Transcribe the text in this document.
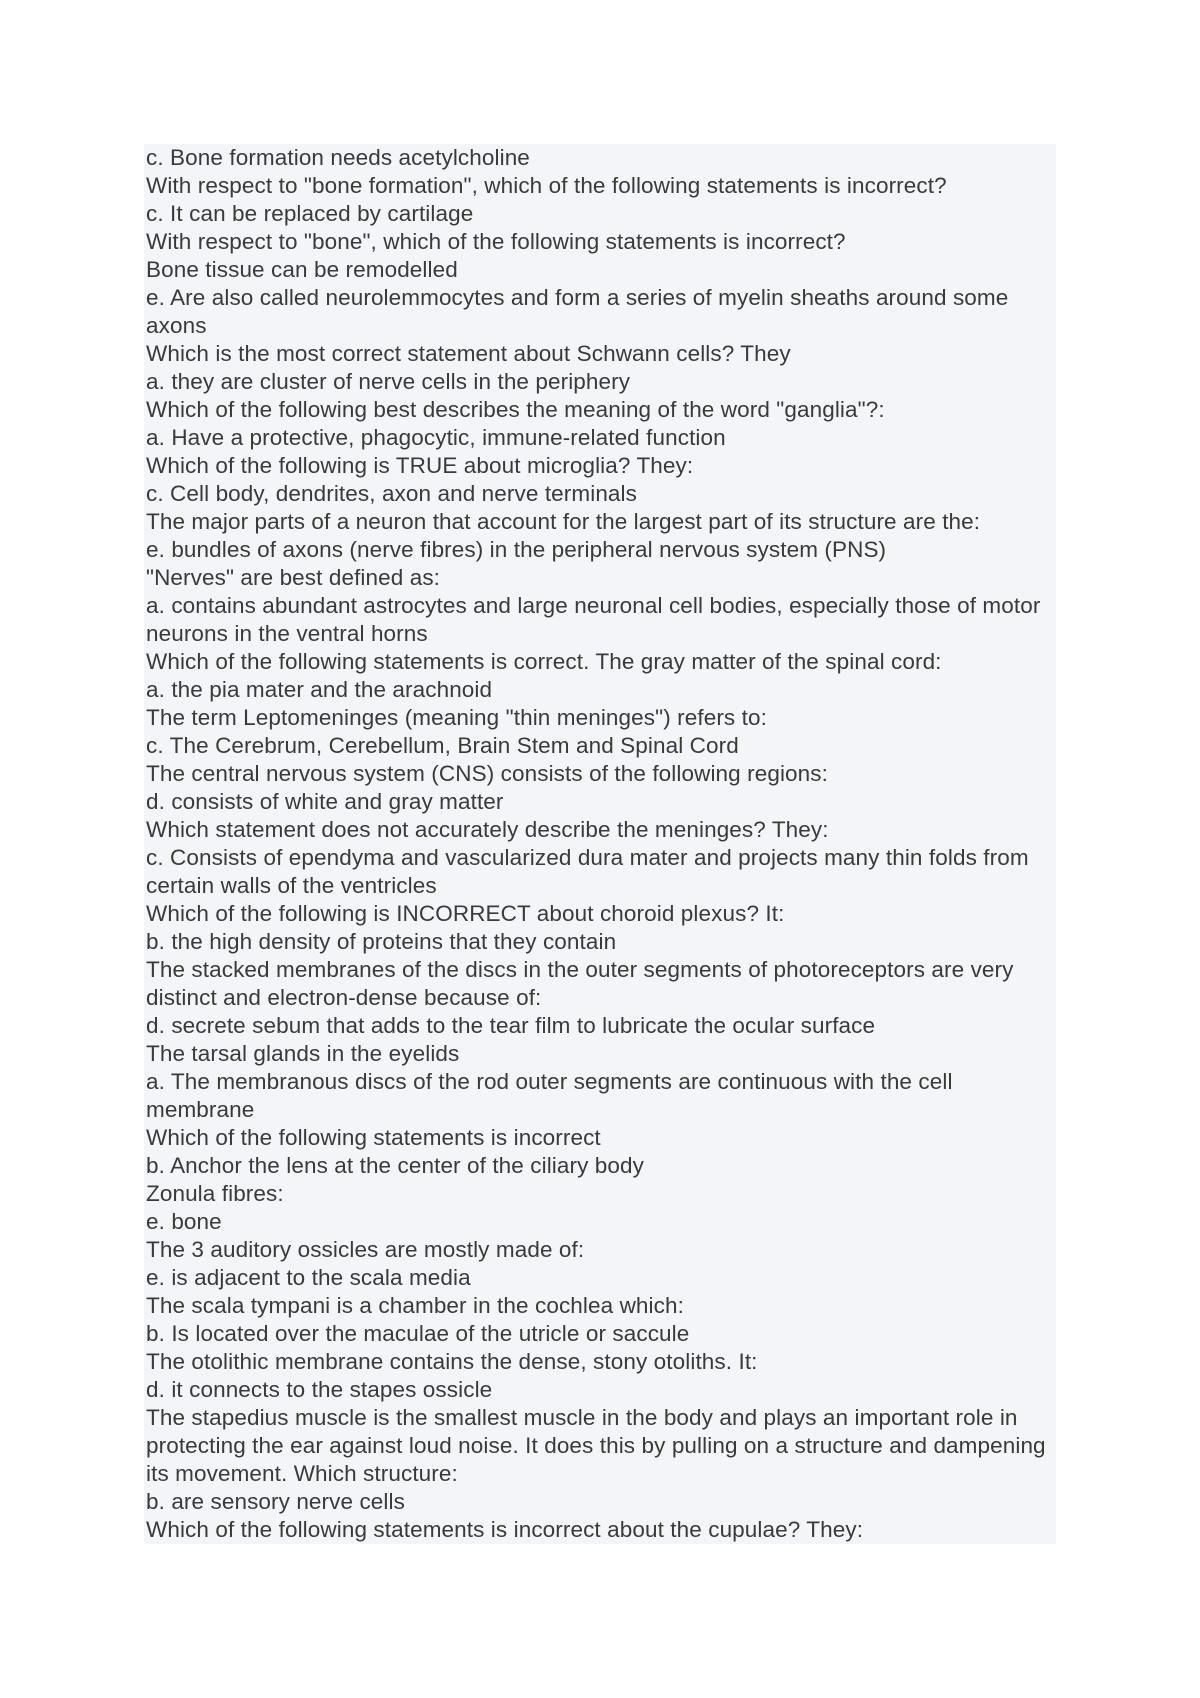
c. Bone formation needs acetylcholine

With respect to "bone formation", which of the following statements is incorrect?

c. It can be replaced by cartilage

With respect to "bone", which of the following statements is incorrect?

Bone tissue can be remodelled

e. Are also called neurolemmocytes and form a series of myelin sheaths around some axons

Which is the most correct statement about Schwann cells? They

a. they are cluster of nerve cells in the periphery

Which of the following best describes the meaning of the word "ganglia"?:

a. Have a protective, phagocytic, immune-related function

Which of the following is TRUE about microglia? They:

c. Cell body, dendrites, axon and nerve terminals

The major parts of a neuron that account for the largest part of its structure are the:

e. bundles of axons (nerve fibres) in the peripheral nervous system (PNS)

"Nerves" are best defined as:

a. contains abundant astrocytes and large neuronal cell bodies, especially those of motor neurons in the ventral horns

Which of the following statements is correct. The gray matter of the spinal cord:

a. the pia mater and the arachnoid

The term Leptomeninges (meaning "thin meninges") refers to:

c. The Cerebrum, Cerebellum, Brain Stem and Spinal Cord

The central nervous system (CNS) consists of the following regions:

d. consists of white and gray matter

Which statement does not accurately describe the meninges? They:

c. Consists of ependyma and vascularized dura mater and projects many thin folds from certain walls of the ventricles

Which of the following is INCORRECT about choroid plexus? It:

b. the high density of proteins that they contain

The stacked membranes of the discs in the outer segments of photoreceptors are very distinct and electron-dense because of:

d. secrete sebum that adds to the tear film to lubricate the ocular surface

The tarsal glands in the eyelids

a. The membranous discs of the rod outer segments are continuous with the cell membrane

Which of the following statements is incorrect

b. Anchor the lens at the center of the ciliary body

Zonula fibres:

e. bone

The 3 auditory ossicles are mostly made of:

e. is adjacent to the scala media

The scala tympani is a chamber in the cochlea which:

b. Is located over the maculae of the utricle or saccule

The otolithic membrane contains the dense, stony otoliths. It:

d. it connects to the stapes ossicle

The stapedius muscle is the smallest muscle in the body and plays an important role in protecting the ear against loud noise. It does this by pulling on a structure and dampening its movement. Which structure:

b. are sensory nerve cells

Which of the following statements is incorrect about the cupulae? They:
